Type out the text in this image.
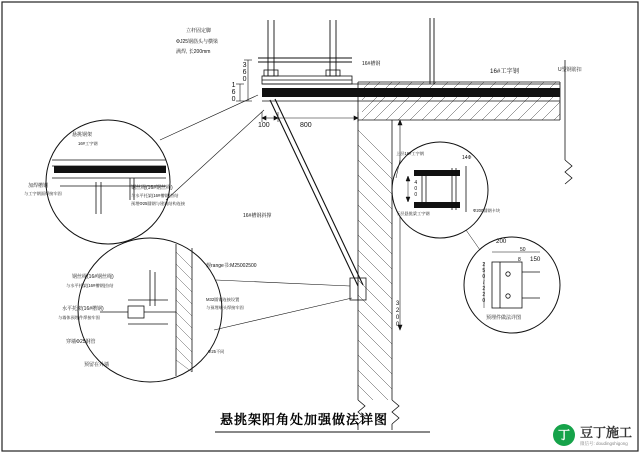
立杆固定脚
ΦЈ25钢筋头与横梁
满焊, 长200mm
16#槽钢
16#工字钢	U型钢筋扣
160
360
100	800
3200
悬挑钢架
16#工字钢
加焊槽钢
与工字钢面焊接牢固
钢丝绳(16#钢丝绳)
与水平托架(16#槽钢)拉结
预埋Φ25圆钢与建筑结构连接
16#槽钢斜撑
钢丝绳(16#钢丝绳)
与水平托架(16#槽钢)拉结
水平托架(16#槽钢)
与墙体预埋件焊接牢固
穿墙Φ25钢管
预留在外墙
规range书:M25002500
M32圆钢连接设置
与预埋端头焊接牢固
Φ25不同
上层16#工字钢
14Φ
下层悬挑梁工字钢
Φ200圆钢卡块
400
200
50
8 150
250/220
预埋件做法详图
悬挑架阳角处加强做法详图
丁 豆丁施工
微信号: doudingshigong
